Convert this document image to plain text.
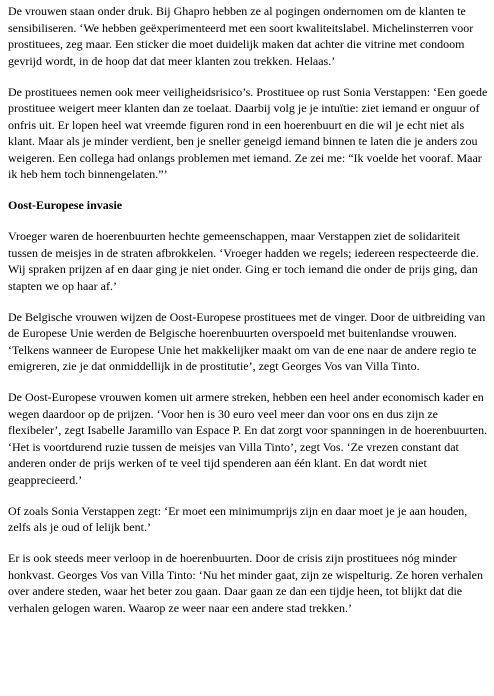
De vrouwen staan onder druk. Bij Ghapro hebben ze al pogingen ondernomen om de klanten te sensibiliseren. ‘We hebben geëxperimenteerd met een soort kwaliteitslabel. Michelinsterren voor prostituees, zeg maar. Een sticker die moet duidelijk maken dat achter die vitrine met condoom gevrijd wordt, in de hoop dat dat meer klanten zou trekken. Helaas.’

De prostituees nemen ook meer veiligheidsrisico’s. Prostituee op rust Sonia Verstappen: ‘Een goede prostituee weigert meer klanten dan ze toelaat. Daarbij volg je je intuïtie: ziet iemand er onguur of onfris uit. Er lopen heel wat vreemde figuren rond in een hoerenbuurt en die wil je echt niet als klant. Maar als je minder verdient, ben je sneller geneigd iemand binnen te laten die je anders zou weigeren. Een collega had onlangs problemen met iemand. Ze zei me: “Ik voelde het vooraf. Maar ik heb hem toch binnengelaten.”’

Oost-Europese invasie

Vroeger waren de hoerenbuurten hechte gemeenschappen, maar Verstappen ziet de solidariteit tussen de meisjes in de straten afbrokkelen. ‘Vroeger hadden we regels; iedereen respecteerde die. Wij spraken prijzen af en daar ging je niet onder. Ging er toch iemand die onder de prijs ging, dan stapten we op haar af.’

De Belgische vrouwen wijzen de Oost-Europese prostituees met de vinger. Door de uitbreiding van de Europese Unie werden de Belgische hoerenbuurten overspoeld met buitenlandse vrouwen. ‘Telkens wanneer de Europese Unie het makkelijker maakt om van de ene naar de andere regio te emigreren, zie je dat onmiddellijk in de prostitutie’, zegt Georges Vos van Villa Tinto.

De Oost-Europese vrouwen komen uit armere streken, hebben een heel ander economisch kader en wegen daardoor op de prijzen. ‘Voor hen is 30 euro veel meer dan voor ons en dus zijn ze flexibeler’, zegt Isabelle Jaramillo van Espace P. En dat zorgt voor spanningen in de hoerenbuurten. ‘Het is voortdurend ruzie tussen de meisjes van Villa Tinto’, zegt Vos. ‘Ze vrezen constant dat anderen onder de prijs werken of te veel tijd spenderen aan één klant. En dat wordt niet geapprecieerd.’

Of zoals Sonia Verstappen zegt: ‘Er moet een minimumprijs zijn en daar moet je je aan houden, zelfs als je oud of lelijk bent.’

Er is ook steeds meer verloop in de hoerenbuurten. Door de crisis zijn prostituees nóg minder honkvast. Georges Vos van Villa Tinto: ‘Nu het minder gaat, zijn ze wispelturig. Ze horen verhalen over andere steden, waar het beter zou gaan. Daar gaan ze dan een tijdje heen, tot blijkt dat die verhalen gelogen waren. Waarop ze weer naar een andere stad trekken.’
